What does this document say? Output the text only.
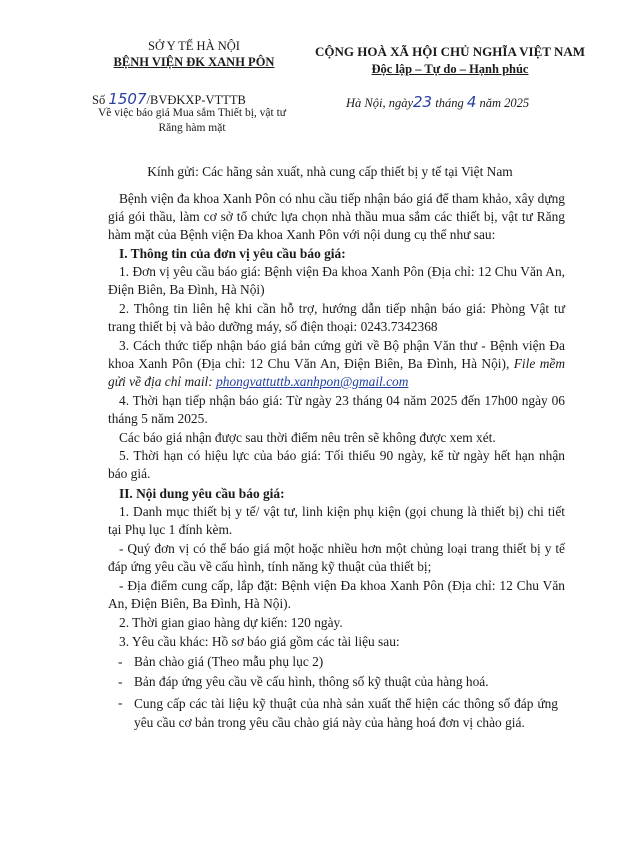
SỞ Y TẾ HÀ NỘI
BỆNH VIỆN ĐK XANH PÔN
CỘNG HOÀ XÃ HỘI CHỦ NGHĨA VIỆT NAM
Độc lập – Tự do – Hạnh phúc
Số 1507/BVĐKXP-VTTTB
Về việc báo giá Mua sắm Thiết bị, vật tư
Răng hàm mặt
Hà Nội, ngày23 tháng 4 năm 2025
Kính gửi: Các hãng sản xuất, nhà cung cấp thiết bị y tế tại Việt Nam
Bệnh viện đa khoa Xanh Pôn có nhu cầu tiếp nhận báo giá để tham khảo, xây dựng giá gói thầu, làm cơ sở tổ chức lựa chọn nhà thầu mua sắm các thiết bị, vật tư Răng hàm mặt của Bệnh viện Đa khoa Xanh Pôn với nội dung cụ thể như sau:
I. Thông tin của đơn vị yêu cầu báo giá:
1. Đơn vị yêu cầu báo giá: Bệnh viện Đa khoa Xanh Pôn (Địa chỉ: 12 Chu Văn An, Điện Biên, Ba Đình, Hà Nội)
2. Thông tin liên hệ khi cần hỗ trợ, hướng dẫn tiếp nhận báo giá: Phòng Vật tư trang thiết bị và bảo dưỡng máy, số điện thoại: 0243.7342368
3. Cách thức tiếp nhận báo giá bản cứng gửi về Bộ phận Văn thư - Bệnh viện Đa khoa Xanh Pôn (Địa chỉ: 12 Chu Văn An, Điện Biên, Ba Đình, Hà Nội), File mềm gửi về địa chỉ mail: phongvattuttb.xanhpon@gmail.com
4. Thời hạn tiếp nhận báo giá: Từ ngày 23 tháng 04 năm 2025 đến 17h00 ngày 06 tháng 5 năm 2025.
Các báo giá nhận được sau thời điểm nêu trên sẽ không được xem xét.
5. Thời hạn có hiệu lực của báo giá: Tối thiểu 90 ngày, kể từ ngày hết hạn nhận báo giá.
II. Nội dung yêu cầu báo giá:
1. Danh mục thiết bị y tế/ vật tư, linh kiện phụ kiện (gọi chung là thiết bị) chi tiết tại Phụ lục 1 đính kèm.
- Quý đơn vị có thể báo giá một hoặc nhiều hơn một chủng loại trang thiết bị y tế đáp ứng yêu cầu về cấu hình, tính năng kỹ thuật của thiết bị;
- Địa điểm cung cấp, lắp đặt: Bệnh viện Đa khoa Xanh Pôn (Địa chỉ: 12 Chu Văn An, Điện Biên, Ba Đình, Hà Nội).
2. Thời gian giao hàng dự kiến: 120 ngày.
3. Yêu cầu khác: Hồ sơ báo giá gồm các tài liệu sau:
- Bản chào giá (Theo mẫu phụ lục 2)
- Bản đáp ứng yêu cầu về cấu hình, thông số kỹ thuật của hàng hoá.
- Cung cấp các tài liệu kỹ thuật của nhà sản xuất thể hiện các thông số đáp ứng yêu cầu cơ bản trong yêu cầu chào giá này của hàng hoá đơn vị chào giá.
